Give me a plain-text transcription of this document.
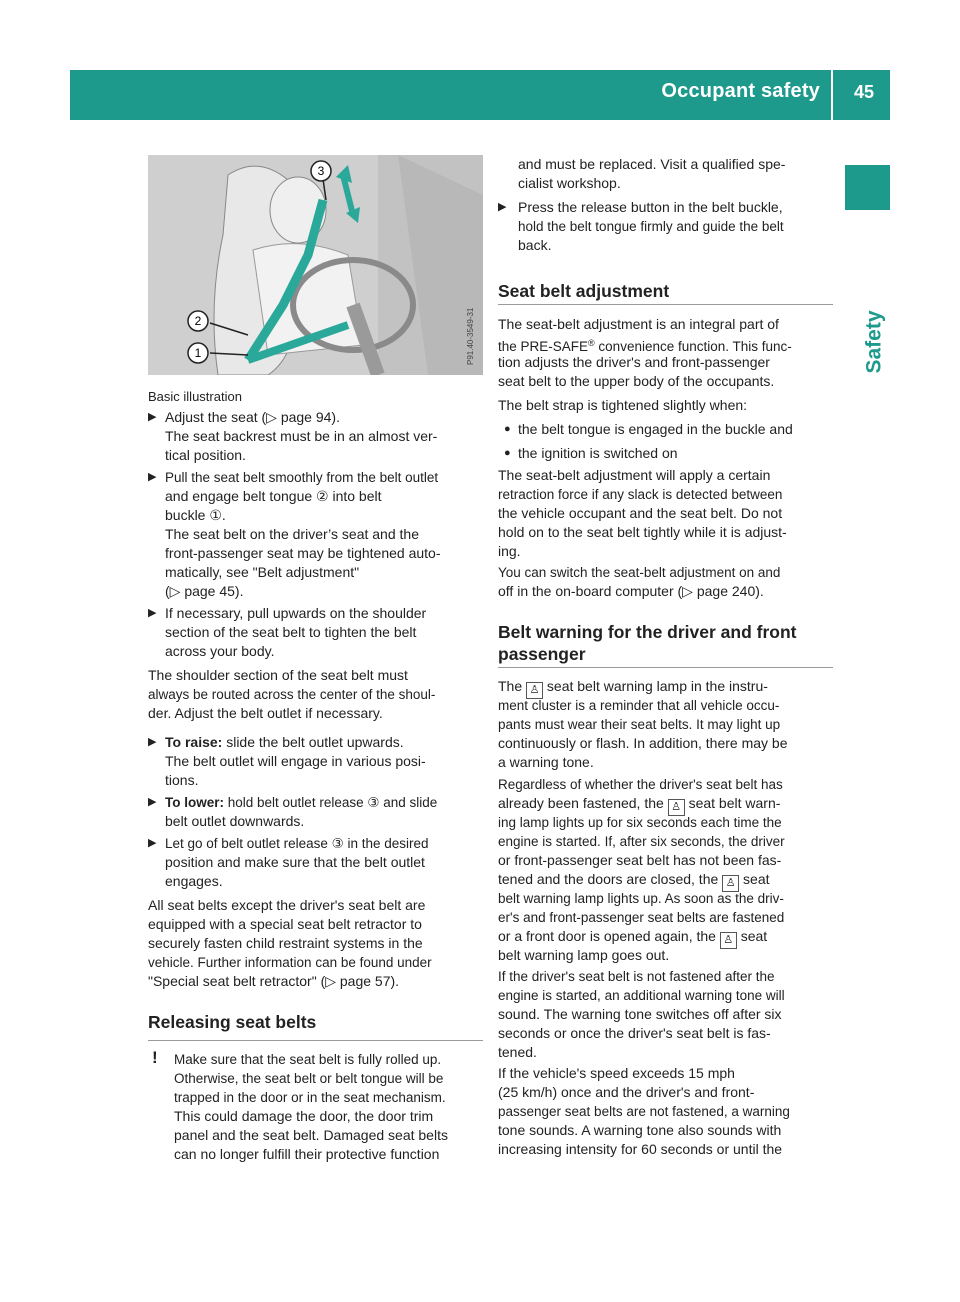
Occupant safety 45
Safety
3
2
1	P91.40-3549-31
Basic illustration
▶ Adjust the seat (▷ page 94).
The seat backrest must be in an almost ver-
tical position.
▶ Pull the seat belt smoothly from the belt outlet
and engage belt tongue ② into belt
buckle ①.
The seat belt on the driver’s seat and the
front-passenger seat may be tightened auto-
matically, see "Belt adjustment"
(▷ page 45).
▶ If necessary, pull upwards on the shoulder
section of the seat belt to tighten the belt
across your body.
The shoulder section of the seat belt must
always be routed across the center of the shoul-
der. Adjust the belt outlet if necessary.
▶ To raise: slide the belt outlet upwards.
The belt outlet will engage in various posi-
tions.
▶ To lower: hold belt outlet release ③ and slide
belt outlet downwards.
▶ Let go of belt outlet release ③ in the desired
position and make sure that the belt outlet
engages.
All seat belts except the driver's seat belt are
equipped with a special seat belt retractor to
securely fasten child restraint systems in the
vehicle. Further information can be found under
"Special seat belt retractor" (▷ page 57).
Releasing seat belts
! Make sure that the seat belt is fully rolled up.
Otherwise, the seat belt or belt tongue will be
trapped in the door or in the seat mechanism.
This could damage the door, the door trim
panel and the seat belt. Damaged seat belts
can no longer fulfill their protective function
and must be replaced. Visit a qualified spe-
cialist workshop.
▶ Press the release button in the belt buckle,
hold the belt tongue firmly and guide the belt
back.
Seat belt adjustment
The seat-belt adjustment is an integral part of
the PRE-SAFE® convenience function. This func-
tion adjusts the driver's and front-passenger
seat belt to the upper body of the occupants.
The belt strap is tightened slightly when:
● the belt tongue is engaged in the buckle and
● the ignition is switched on
The seat-belt adjustment will apply a certain
retraction force if any slack is detected between
the vehicle occupant and the seat belt. Do not
hold on to the seat belt tightly while it is adjust-
ing.
You can switch the seat-belt adjustment on and
off in the on-board computer (▷ page 240).
Belt warning for the driver and front
passenger
The ♙ seat belt warning lamp in the instru-
ment cluster is a reminder that all vehicle occu-
pants must wear their seat belts. It may light up
continuously or flash. In addition, there may be
a warning tone.
Regardless of whether the driver's seat belt has
already been fastened, the ♙ seat belt warn-
ing lamp lights up for six seconds each time the
engine is started. If, after six seconds, the driver
or front-passenger seat belt has not been fas-
tened and the doors are closed, the ♙ seat
belt warning lamp lights up. As soon as the driv-
er's and front-passenger seat belts are fastened
or a front door is opened again, the ♙ seat
belt warning lamp goes out.
If the driver's seat belt is not fastened after the
engine is started, an additional warning tone will
sound. The warning tone switches off after six
seconds or once the driver's seat belt is fas-
tened.
If the vehicle's speed exceeds 15 mph
(25 km/h) once and the driver's and front-
passenger seat belts are not fastened, a warning
tone sounds. A warning tone also sounds with
increasing intensity for 60 seconds or until the
